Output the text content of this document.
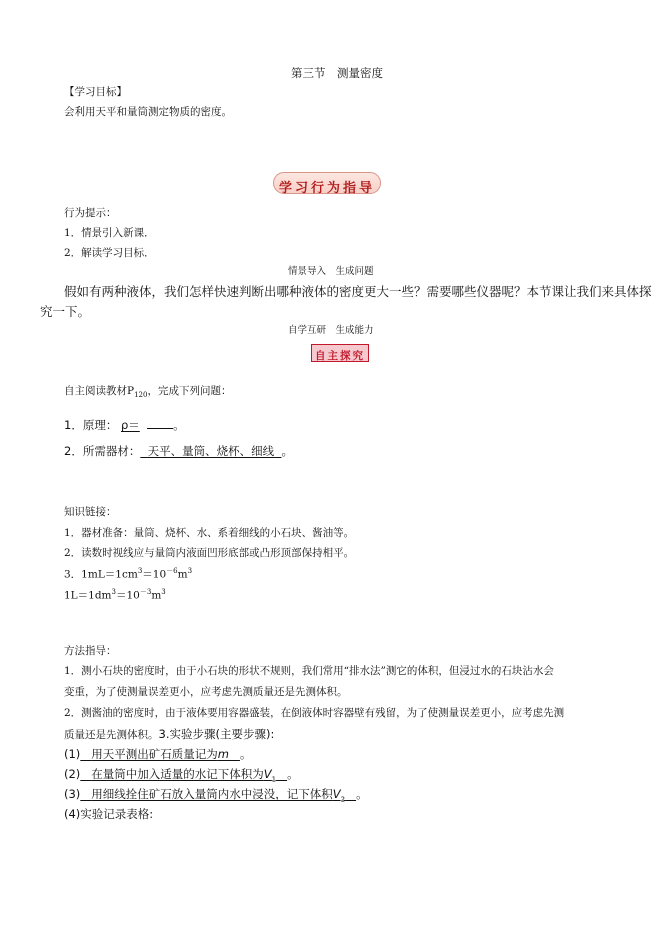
第三节　测量密度
【学习目标】
会利用天平和量筒测定物质的密度。
学习行为指导
行为提示：
1．情景引入新课．
2．解读学习目标．
情景导入　生成问题
假如有两种液体，我们怎样快速判断出哪种液体的密度更大一些？需要哪些仪器呢？本节课让我们来具体探
究一下。
自学互研　生成能力
自主探究
自主阅读教材$P_{120}$，完成下列问题：
1．原理： ρ＝	。
2．所需器材： 天平、量筒、烧杯、细线 。
知识链接：
1．器材准备：量筒、烧杯、水、系着细线的小石块、酱油等。
2．读数时视线应与量筒内液面凹形底部或凸形顶部保持相平。
3．$1mL=1cm^3=10^{-6}m^3$
$1L=1dm^3=10^{-3}m^3$
方法指导：
1．测小石块的密度时，由于小石块的形状不规则，我们常用“排水法”测它的体积，但浸过水的石块沾水会
变重，为了使测量误差更小，应考虑先测质量还是先测体积。
2．测酱油的密度时，由于液体要用容器盛装，在倒液体时容器壁有残留，为了使测量误差更小，应考虑先测
质量还是先测体积。3.实验步骤(主要步骤):
(1) 用天平测出矿石质量记为m 。
(2) 在量筒中加入适量的水记下体积为$V_1$ 。
(3) 用细线拴住矿石放入量筒内水中浸没，记下体积$V_2$ 。
(4)实验记录表格:
